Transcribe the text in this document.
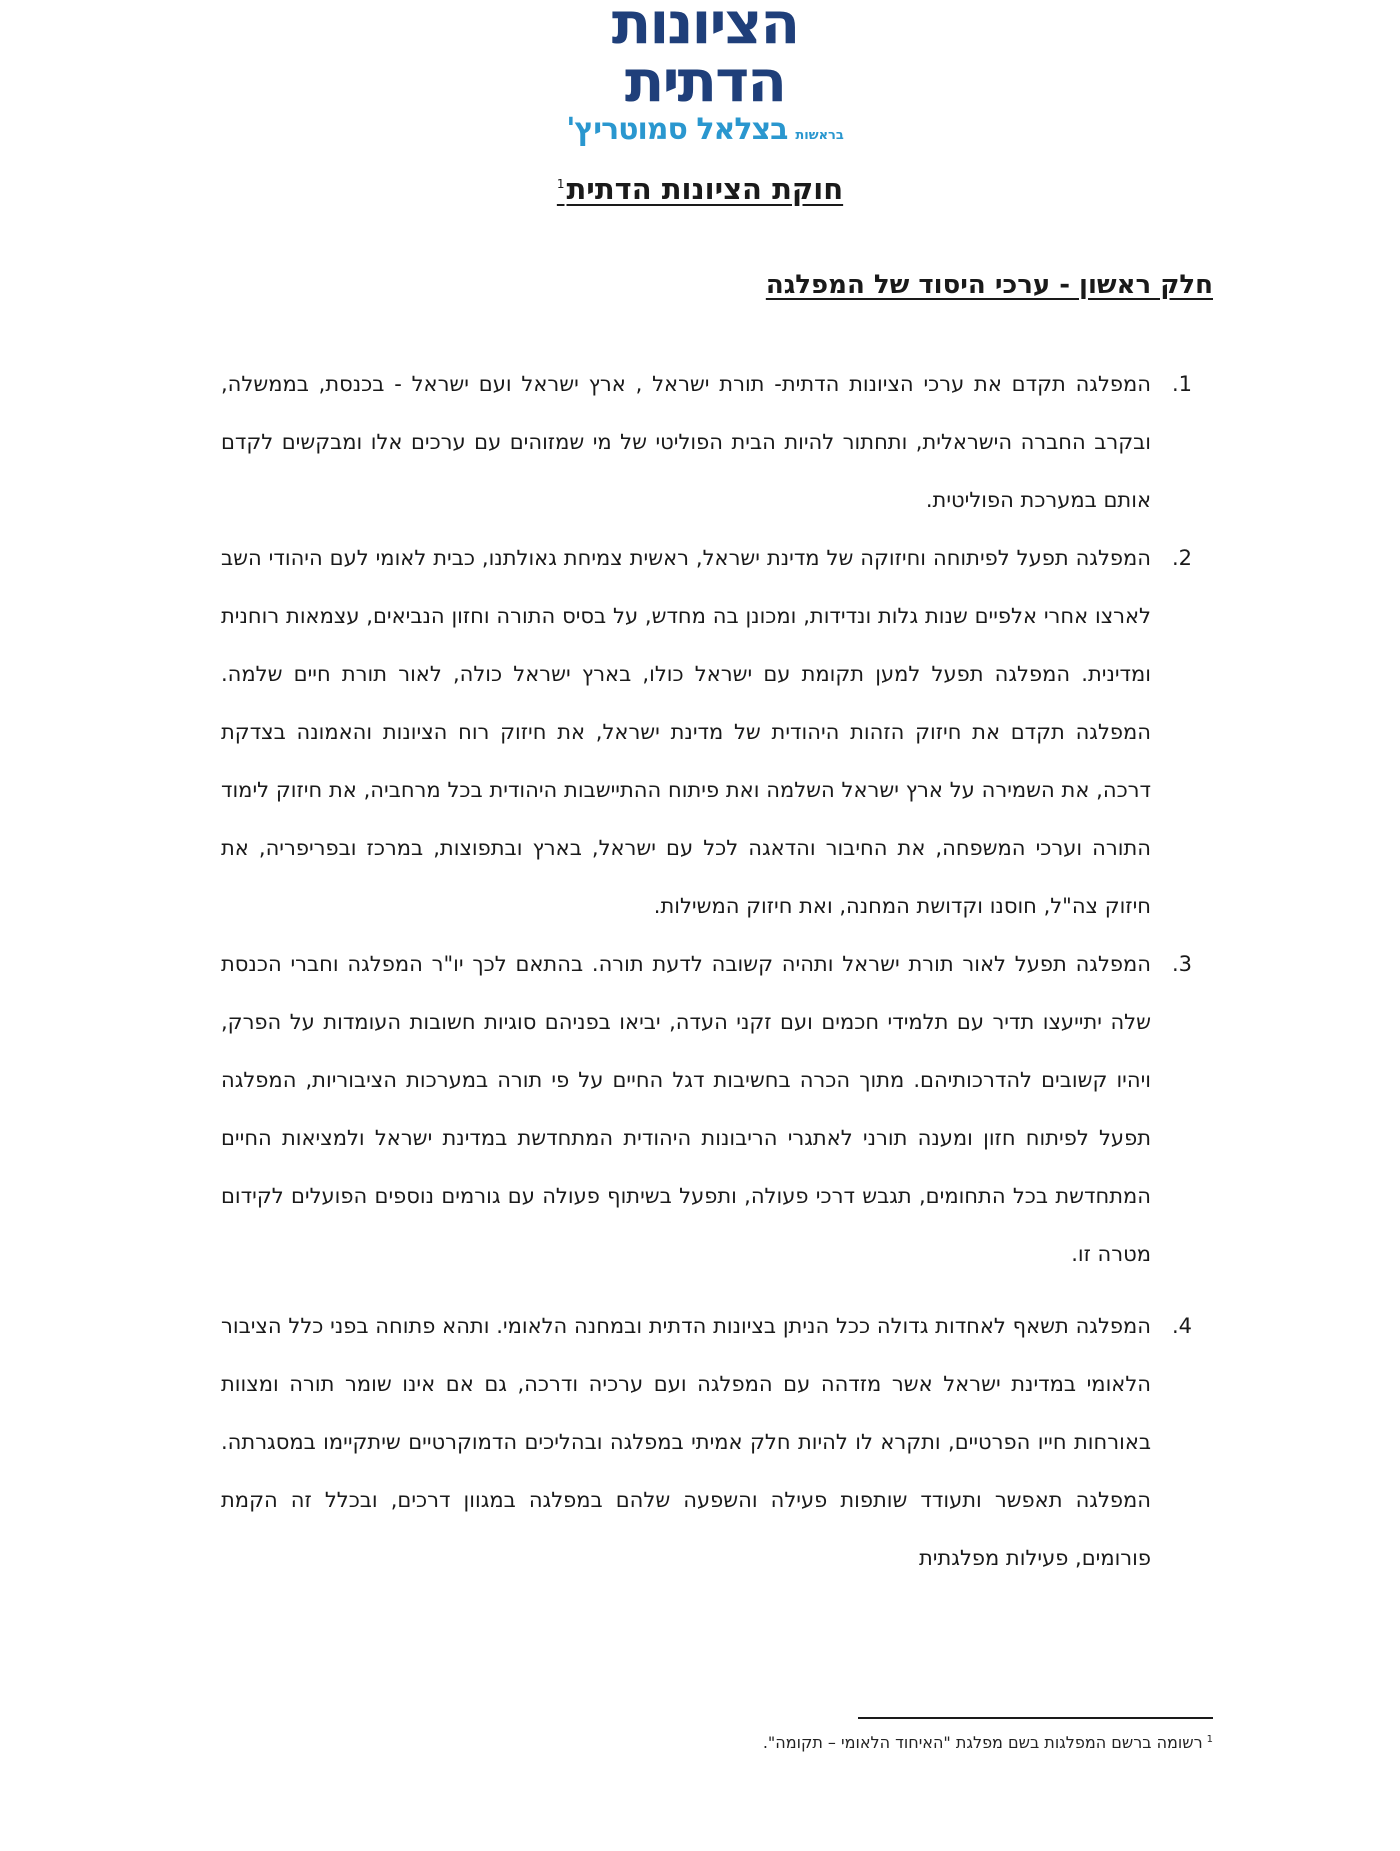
הציונות הדתית
בראשות
בצלאל סמוטריץ'
חוקת הציונות הדתית$^1$
חלק ראשון - ערכי היסוד של המפלגה
1.
המפלגה תקדם את ערכי הציונות הדתית- תורת ישראל , ארץ ישראל ועם ישראל - בכנסת, בממשלה, ובקרב החברה הישראלית, ותחתור להיות הבית הפוליטי של מי שמזוהים עם ערכים אלו ומבקשים לקדם אותם במערכת הפוליטית.
2.
המפלגה תפעל לפיתוחה וחיזוקה של מדינת ישראל, ראשית צמיחת גאולתנו, כבית לאומי לעם היהודי השב לארצו אחרי אלפיים שנות גלות ונדידות, ומכונן בה מחדש, על בסיס התורה וחזון הנביאים, עצמאות רוחנית ומדינית. המפלגה תפעל למען תקומת עם ישראל כולו, בארץ ישראל כולה, לאור תורת חיים שלמה. המפלגה תקדם את חיזוק הזהות היהודית של מדינת ישראל, את חיזוק רוח הציונות והאמונה בצדקת דרכה, את השמירה על ארץ ישראל השלמה ואת פיתוח ההתיישבות היהודית בכל מרחביה, את חיזוק לימוד התורה וערכי המשפחה, את החיבור והדאגה לכל עם ישראל, בארץ ובתפוצות, במרכז ובפריפריה, את חיזוק צה"ל, חוסנו וקדושת המחנה, ואת חיזוק המשילות.
3.
המפלגה תפעל לאור תורת ישראל ותהיה קשובה לדעת תורה. בהתאם לכך יו"ר המפלגה וחברי הכנסת שלה יתייעצו תדיר עם תלמידי חכמים ועם זקני העדה, יביאו בפניהם סוגיות חשובות העומדות על הפרק, ויהיו קשובים להדרכותיהם. מתוך הכרה בחשיבות דגל החיים על פי תורה במערכות הציבוריות, המפלגה תפעל לפיתוח חזון ומענה תורני לאתגרי הריבונות היהודית המתחדשת במדינת ישראל ולמציאות החיים המתחדשת בכל התחומים, תגבש דרכי פעולה, ותפעל בשיתוף פעולה עם גורמים נוספים הפועלים לקידום מטרה זו.
4.
המפלגה תשאף לאחדות גדולה ככל הניתן בציונות הדתית ובמחנה הלאומי. ותהא פתוחה בפני כלל הציבור הלאומי במדינת ישראל אשר מזדהה עם המפלגה ועם ערכיה ודרכה, גם אם אינו שומר תורה ומצוות באורחות חייו הפרטיים, ותקרא לו להיות חלק אמיתי במפלגה ובהליכים הדמוקרטיים שיתקיימו במסגרתה. המפלגה תאפשר ותעודד שותפות פעילה והשפעה שלהם במפלגה במגוון דרכים, ובכלל זה הקמת פורומים, פעילות מפלגתית
$^1$רשומה ברשם המפלגות בשם מפלגת "האיחוד הלאומי – תקומה".
